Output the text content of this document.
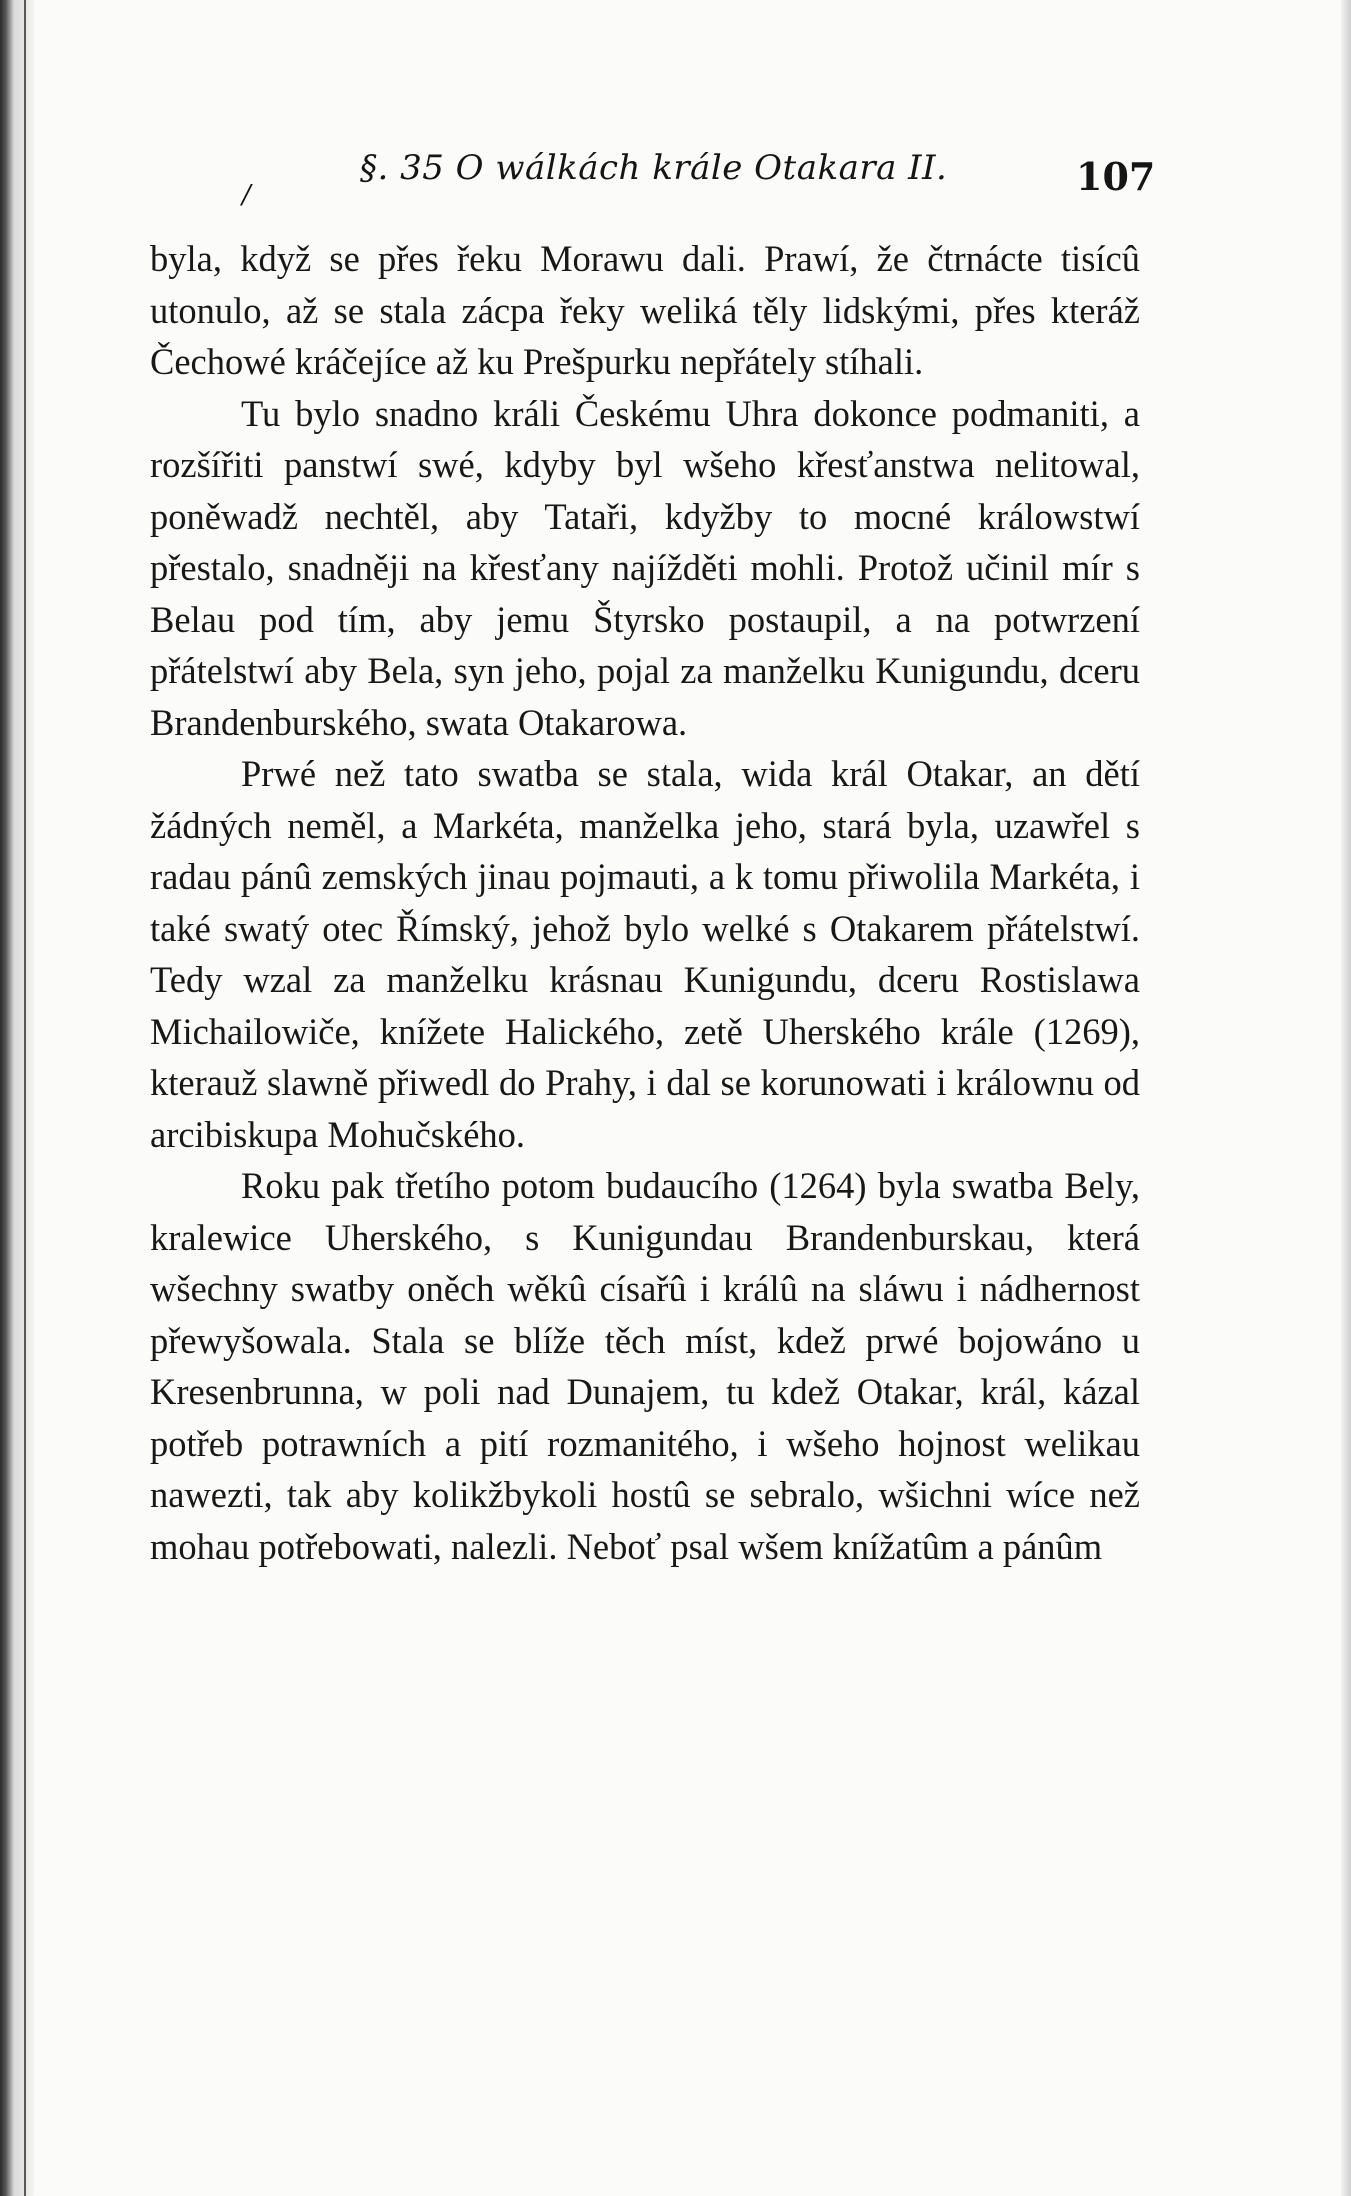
/
§. 35 O wálkách krále Otakara II.	107

byla, když se přes řeku Morawu dali. Prawí, že čtrnácte tisícû utonulo, až se stala zácpa řeky weliká těly lidskými, přes kteráž Čechowé kráčejíce až ku Prešpurku nepřátely stíhali.

Tu bylo snadno králi Českému Uhra dokonce podmaniti, a rozšířiti panstwí swé, kdyby byl wšeho křesťanstwa nelitowal, poněwadž nechtěl, aby Tataři, kdyžby to mocné králowstwí přestalo, snadněji na křesťany najížděti mohli. Protož učinil mír s Belau pod tím, aby jemu Štyrsko postaupil, a na potwrzení přátelstwí aby Bela, syn jeho, pojal za manželku Kunigundu, dceru Brandenburského, swata Otakarowa.

Prwé než tato swatba se stala, wida král Otakar, an dětí žádných neměl, a Markéta, manželka jeho, stará byla, uzawřel s radau pánû zemských jinau pojmauti, a k tomu přiwolila Markéta, i také swatý otec Římský, jehož bylo welké s Otakarem přátelstwí. Tedy wzal za manželku krásnau Kunigundu, dceru Rostislawa Michailowiče, knížete Halického, zetě Uherského krále (1269), kterauž slawně přiwedl do Prahy, i dal se korunowati i králownu od arcibiskupa Mohučského.

Roku pak třetího potom budaucího (1264) byla swatba Bely, kralewice Uherského, s Kunigundau Brandenburskau, která wšechny swatby oněch wěkû císařû i králû na sláwu i nádhernost přewyšowala. Stala se blíže těch míst, kdež prwé bojowáno u Kresenbrunna, w poli nad Dunajem, tu kdež Otakar, král, kázal potřeb potrawních a pití rozmanitého, i wšeho hojnost welikau nawezti, tak aby kolikžbykoli hostû se sebralo, wšichni wíce než mohau potřebowati, nalezli. Neboť psal wšem knížatûm a pánûm
